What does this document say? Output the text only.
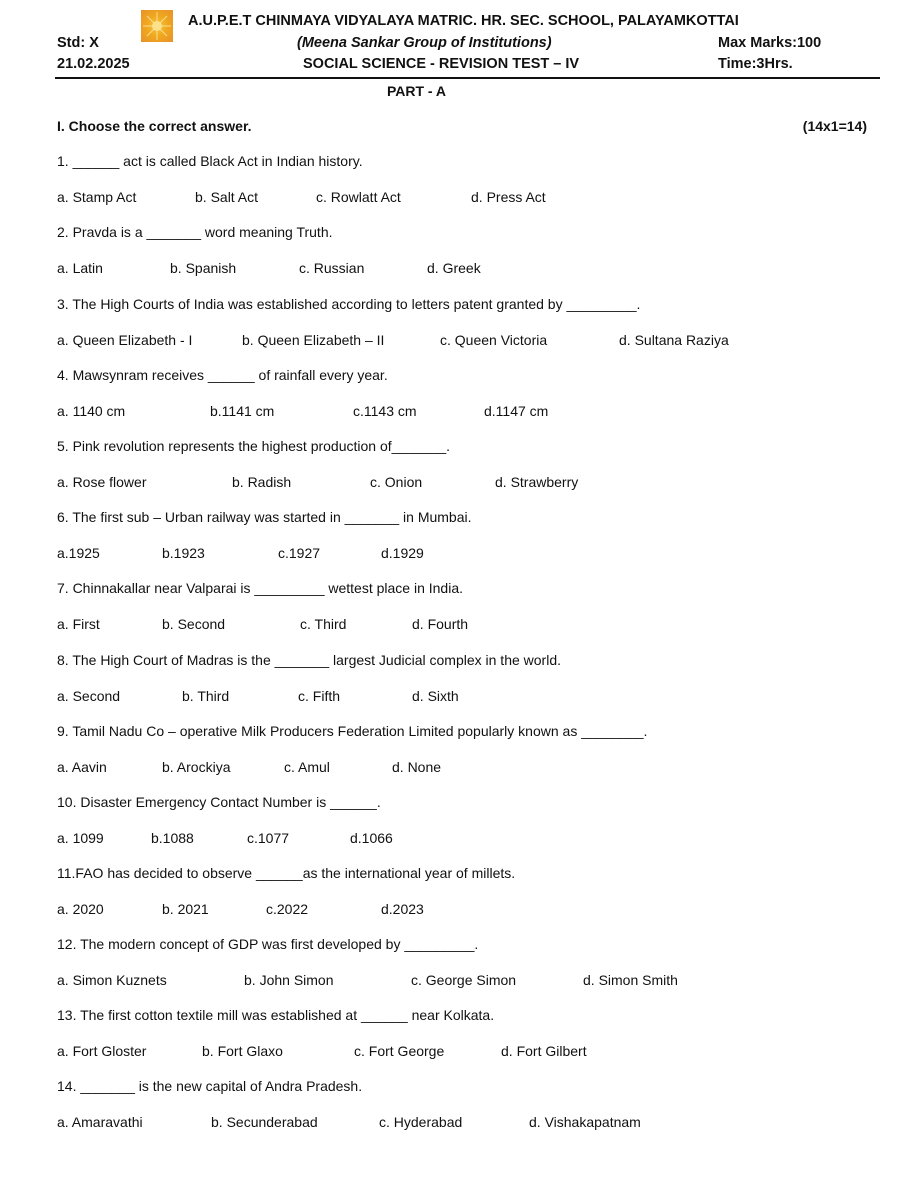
A.U.P.E.T CHINMAYA VIDYALAYA MATRIC. HR. SEC. SCHOOL, PALAYAMKOTTAI
Std: X	(Meena Sankar Group of Institutions)	Max Marks:100
21.02.2025	SOCIAL SCIENCE - REVISION TEST – IV	Time:3Hrs.
PART - A
I. Choose the correct answer.	(14x1=14)
1. ______ act is called Black Act in Indian history.
a. Stamp Act	b. Salt Act	c. Rowlatt Act	d. Press Act
2. Pravda is a _______ word meaning Truth.
a. Latin	b. Spanish	c. Russian	d. Greek
3. The High Courts of India was established according to letters patent granted by _________.
a. Queen Elizabeth - I	b. Queen Elizabeth – II	c. Queen Victoria	d. Sultana Raziya
4. Mawsynram receives ______ of rainfall every year.
a. 1140 cm	b.1141 cm	c.1143 cm	d.1147 cm
5. Pink revolution represents the highest production of_______.
a. Rose flower	b. Radish	c. Onion	d. Strawberry
6. The first sub – Urban railway was started in _______ in Mumbai.
a.1925	b.1923	c.1927	d.1929
7. Chinnakallar near Valparai is _________ wettest place in India.
a. First	b. Second	c. Third	d. Fourth
8. The High Court of Madras is the _______ largest Judicial complex in the world.
a. Second	b. Third	c. Fifth	d. Sixth
9. Tamil Nadu Co – operative Milk Producers Federation Limited popularly known as ________.
a. Aavin	b. Arockiya	c. Amul	d. None
10. Disaster Emergency Contact Number is ______.
a. 1099	b.1088	c.1077	d.1066
11.FAO has decided to observe ______as the international year of millets.
a. 2020	b. 2021	c.2022	d.2023
12. The modern concept of GDP was first developed by _________.
a. Simon Kuznets	b. John Simon	c. George Simon	d. Simon Smith
13. The first cotton textile mill was established at ______ near Kolkata.
a. Fort Gloster	b. Fort Glaxo	c. Fort George	d. Fort Gilbert
14. _______ is the new capital of Andra Pradesh.
a. Amaravathi	b. Secunderabad	c. Hyderabad	d. Vishakapatnam
